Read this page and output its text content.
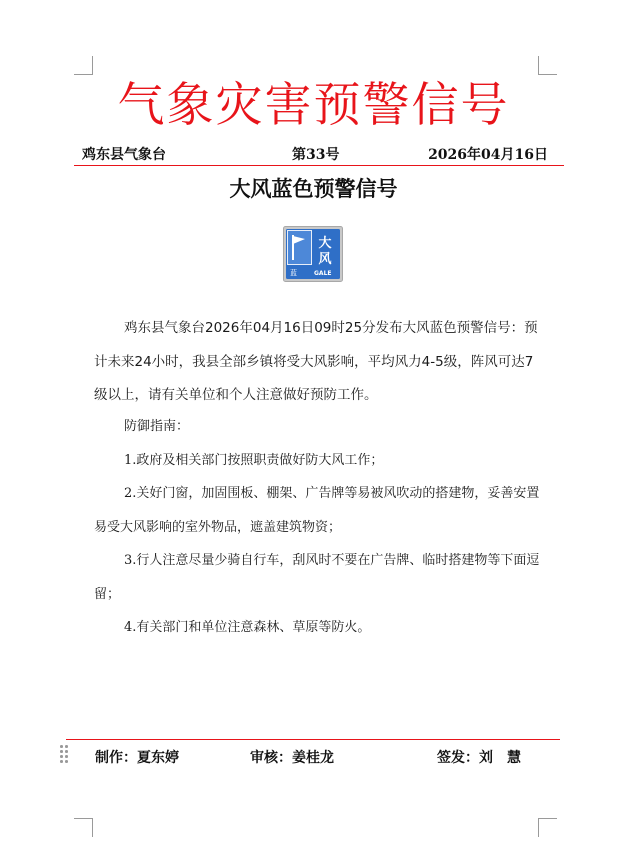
气象灾害预警信号
鸡东县气象台	第33号	2026年04月16日
大风蓝色预警信号
大
蓝	GALE
风

鸡东县气象台2026年04月16日09时25分发布大风蓝色预警信号：预计未来24小时，我县全部乡镇将受大风影响，平均风力4-5级，阵风可达7级以上，请有关单位和个人注意做好预防工作。

防御指南：

1.政府及相关部门按照职责做好防大风工作；

2.关好门窗，加固围板、棚架、广告牌等易被风吹动的搭建物，妥善安置易受大风影响的室外物品，遮盖建筑物资；

3.行人注意尽量少骑自行车，刮风时不要在广告牌、临时搭建物等下面逗留；

4.有关部门和单位注意森林、草原等防火。

制作：夏东婷	审核：姜桂龙	签发：刘　慧
